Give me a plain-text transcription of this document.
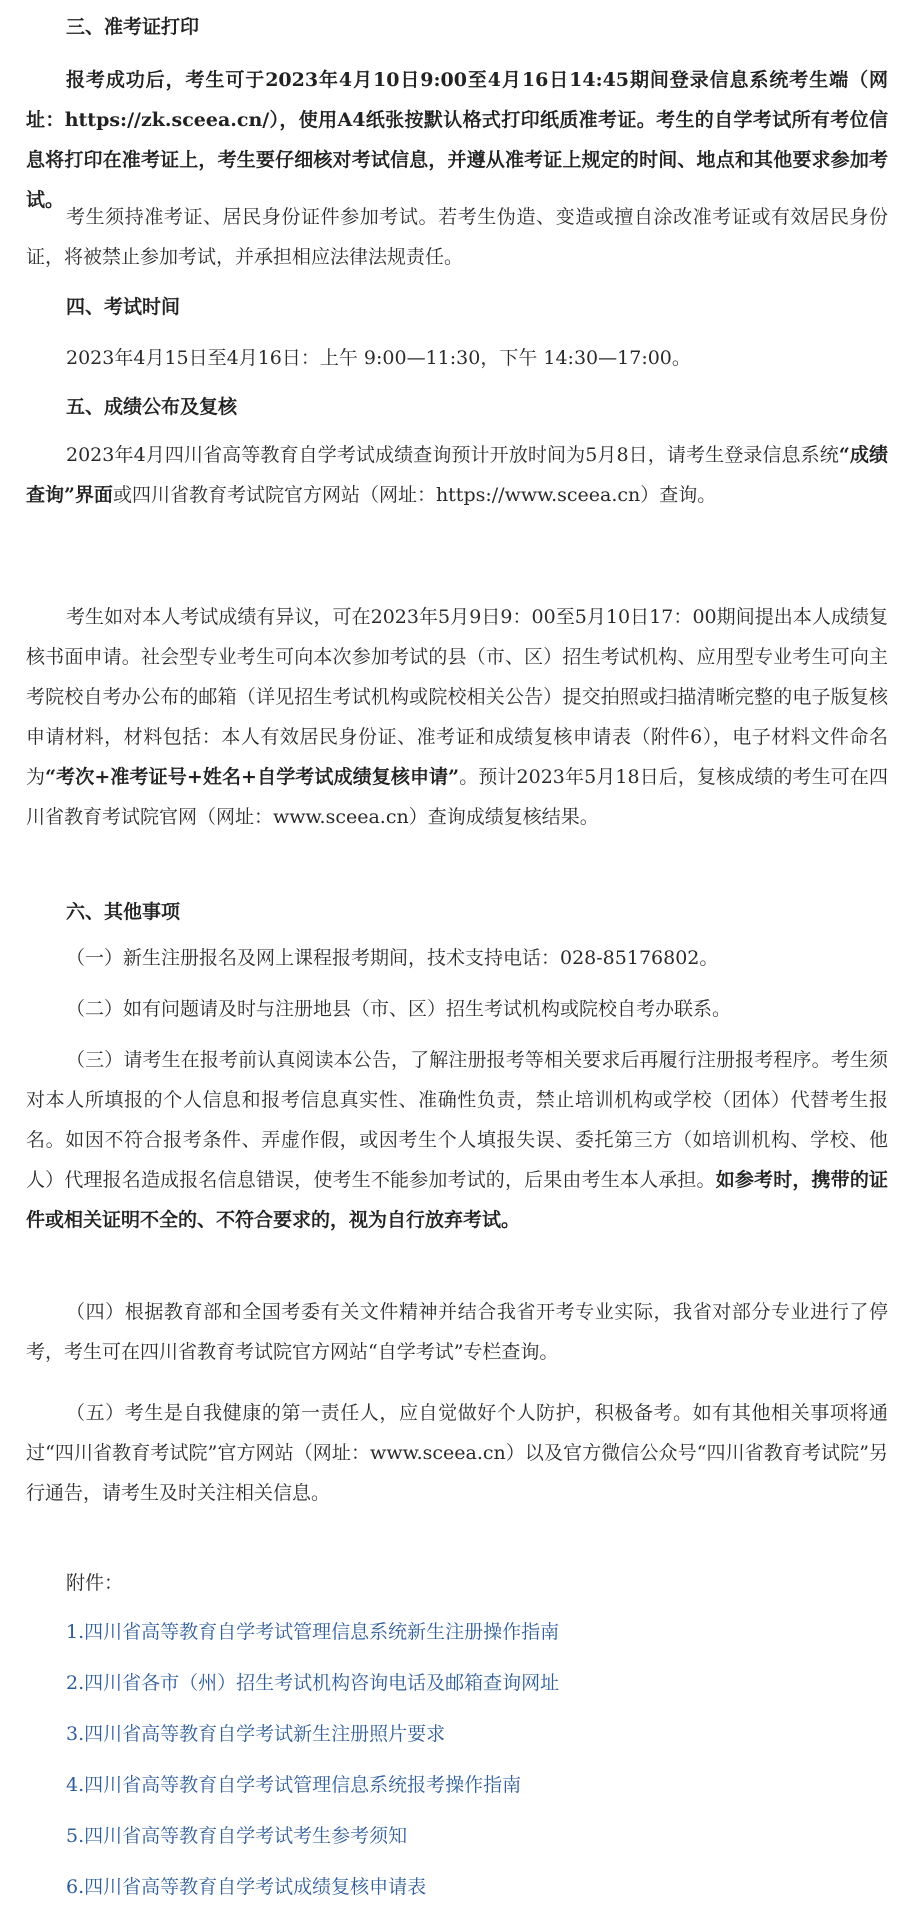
三、准考证打印
报考成功后，考生可于2023年4月10日9:00至4月16日14:45期间登录信息系统考生端（网址：https://zk.sceea.cn/），使用A4纸张按默认格式打印纸质准考证。考生的自学考试所有考位信息将打印在准考证上，考生要仔细核对考试信息，并遵从准考证上规定的时间、地点和其他要求参加考试。
考生须持准考证、居民身份证件参加考试。若考生伪造、变造或擅自涂改准考证或有效居民身份证，将被禁止参加考试，并承担相应法律法规责任。
四、考试时间
2023年4月15日至4月16日：上午 9:00—11:30，下午 14:30—17:00。
五、成绩公布及复核
2023年4月四川省高等教育自学考试成绩查询预计开放时间为5月8日，请考生登录信息系统“成绩查询”界面或四川省教育考试院官方网站（网址：https://www.sceea.cn）查询。
考生如对本人考试成绩有异议，可在2023年5月9日9：00至5月10日17：00期间提出本人成绩复核书面申请。社会型专业考生可向本次参加考试的县（市、区）招生考试机构、应用型专业考生可向主考院校自考办公布的邮箱（详见招生考试机构或院校相关公告）提交拍照或扫描清晰完整的电子版复核申请材料，材料包括：本人有效居民身份证、准考证和成绩复核申请表（附件6），电子材料文件命名为“考次+准考证号+姓名+自学考试成绩复核申请”。预计2023年5月18日后，复核成绩的考生可在四川省教育考试院官网（网址：www.sceea.cn）查询成绩复核结果。
六、其他事项
（一）新生注册报名及网上课程报考期间，技术支持电话：028-85176802。
（二）如有问题请及时与注册地县（市、区）招生考试机构或院校自考办联系。
（三）请考生在报考前认真阅读本公告，了解注册报考等相关要求后再履行注册报考程序。考生须对本人所填报的个人信息和报考信息真实性、准确性负责，禁止培训机构或学校（团体）代替考生报名。如因不符合报考条件、弄虚作假，或因考生个人填报失误、委托第三方（如培训机构、学校、他人）代理报名造成报名信息错误，使考生不能参加考试的，后果由考生本人承担。如参考时，携带的证件或相关证明不全的、不符合要求的，视为自行放弃考试。
（四）根据教育部和全国考委有关文件精神并结合我省开考专业实际，我省对部分专业进行了停考，考生可在四川省教育考试院官方网站“自学考试”专栏查询。
（五）考生是自我健康的第一责任人，应自觉做好个人防护，积极备考。如有其他相关事项将通过“四川省教育考试院”官方网站（网址：www.sceea.cn）以及官方微信公众号“四川省教育考试院”另行通告，请考生及时关注相关信息。
附件：
1.四川省高等教育自学考试管理信息系统新生注册操作指南
2.四川省各市（州）招生考试机构咨询电话及邮箱查询网址
3.四川省高等教育自学考试新生注册照片要求
4.四川省高等教育自学考试管理信息系统报考操作指南
5.四川省高等教育自学考试考生参考须知
6.四川省高等教育自学考试成绩复核申请表
